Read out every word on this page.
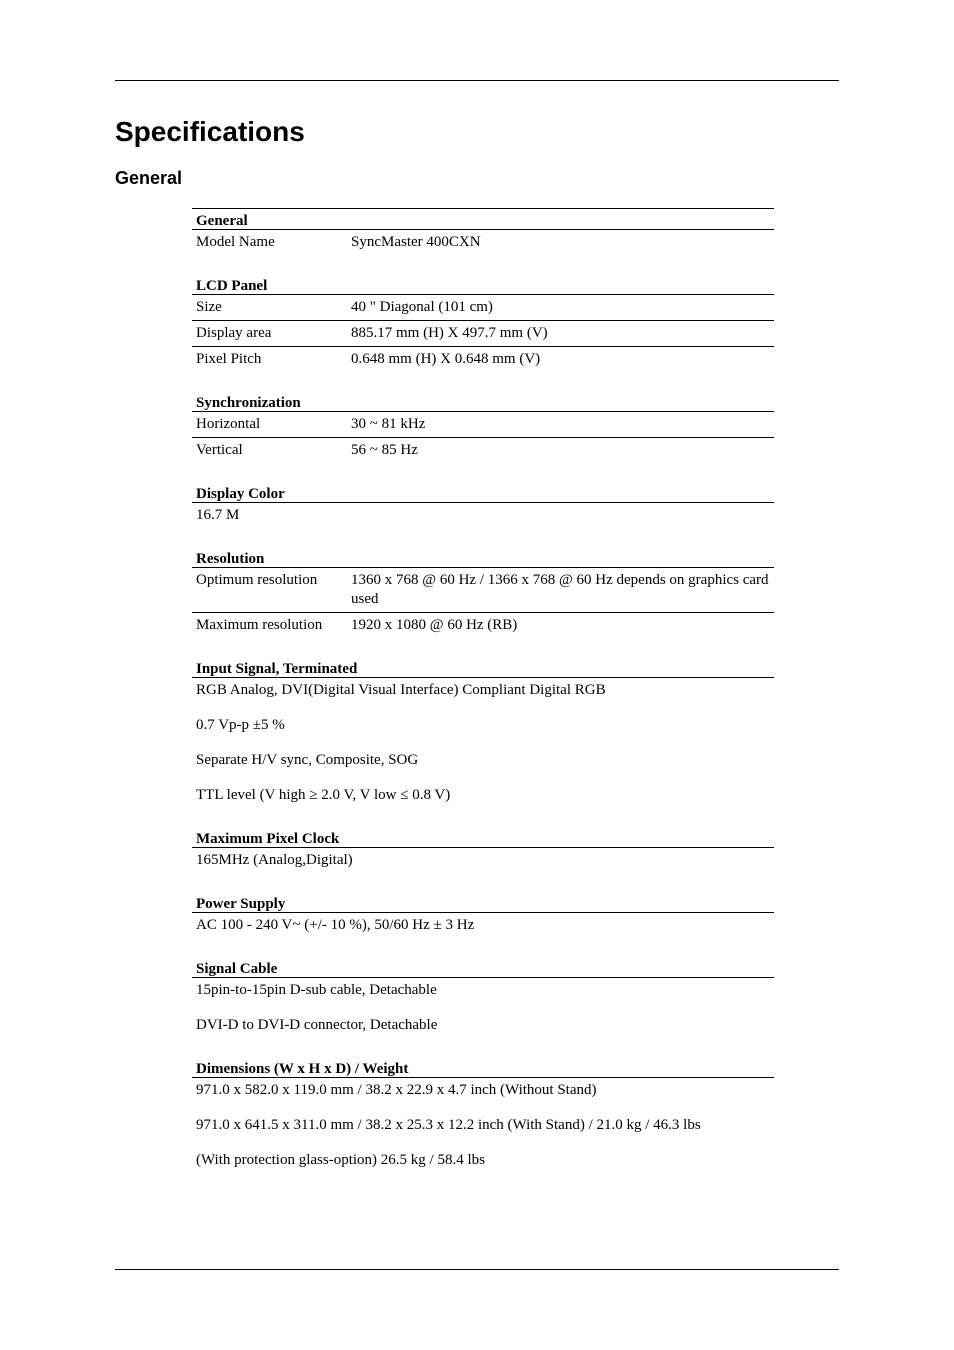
Specifications
General
General
Model Name	SyncMaster 400CXN
LCD Panel
Size	40 " Diagonal (101 cm)
Display area	885.17 mm (H) X 497.7 mm (V)
Pixel Pitch	0.648 mm (H) X 0.648 mm (V)
Synchronization
Horizontal	30 ~ 81 kHz
Vertical	56 ~ 85 Hz
Display Color
16.7 M
Resolution
Optimum resolution	1360 x 768 @ 60 Hz / 1366 x 768 @ 60 Hz depends on graphics card used
Maximum resolution	1920 x 1080 @ 60 Hz (RB)
Input Signal, Terminated
RGB Analog, DVI(Digital Visual Interface) Compliant Digital RGB
0.7 Vp-p ±5 %
Separate H/V sync, Composite, SOG
TTL level (V high ≥ 2.0 V, V low ≤ 0.8 V)
Maximum Pixel Clock
165MHz (Analog,Digital)
Power Supply
AC 100 - 240 V~ (+/- 10 %), 50/60 Hz ± 3 Hz
Signal Cable
15pin-to-15pin D-sub cable, Detachable
DVI-D to DVI-D connector, Detachable
Dimensions (W x H x D) / Weight
971.0 x 582.0 x 119.0 mm / 38.2 x 22.9 x 4.7 inch (Without Stand)
971.0 x 641.5 x 311.0 mm / 38.2 x 25.3 x 12.2 inch (With Stand) / 21.0 kg / 46.3 lbs
(With protection glass-option) 26.5 kg / 58.4 lbs
